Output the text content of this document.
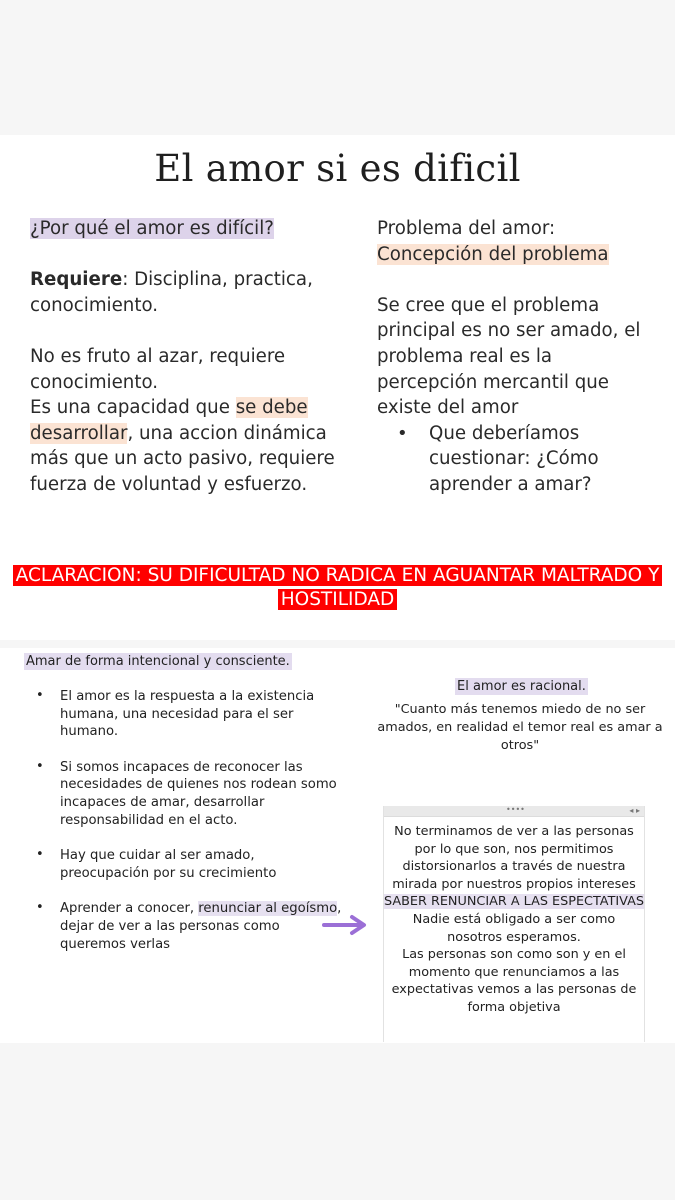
El amor si es dificil

¿Por qué el amor es difícil?

Requiere: Disciplina, practica, conocimiento.

No es fruto al azar, requiere conocimiento.

Es una capacidad que se debe desarrollar, una accion dinámica más que un acto pasivo, requiere fuerza de voluntad y esfuerzo.

Problema del amor:

Concepción del problema

Se cree que el problema principal es no ser amado, el problema real es la percepción mercantil que existe del amor

• Que deberíamos cuestionar: ¿Cómo aprender a amar?
ACLARACION: SU DIFICULTAD NO RADICA EN AGUANTAR MALTRADO Y HOSTILIDAD
Amar de forma intencional y consciente.
• El amor es la respuesta a la existencia humana, una necesidad para el ser humano.
• Si somos incapaces de reconocer las necesidades de quienes nos rodean somo incapaces de amar, desarrollar responsabilidad en el acto.
• Hay que cuidar al ser amado, preocupación por su crecimiento
• Aprender a conocer, renunciar al egoísmo, dejar de ver a las personas como queremos verlas
El amor es racional.
"Cuanto más tenemos miedo de no ser amados, en realidad el temor real es amar a otros"
••••	◂ ▸

No terminamos de ver a las personas por lo que son, nos permitimos distorsionarlos a través de nuestra mirada por nuestros propios intereses

SABER RENUNCIAR A LAS ESPECTATIVAS

Nadie está obligado a ser como nosotros esperamos.

Las personas son como son y en el momento que renunciamos a las expectativas vemos a las personas de forma objetiva
